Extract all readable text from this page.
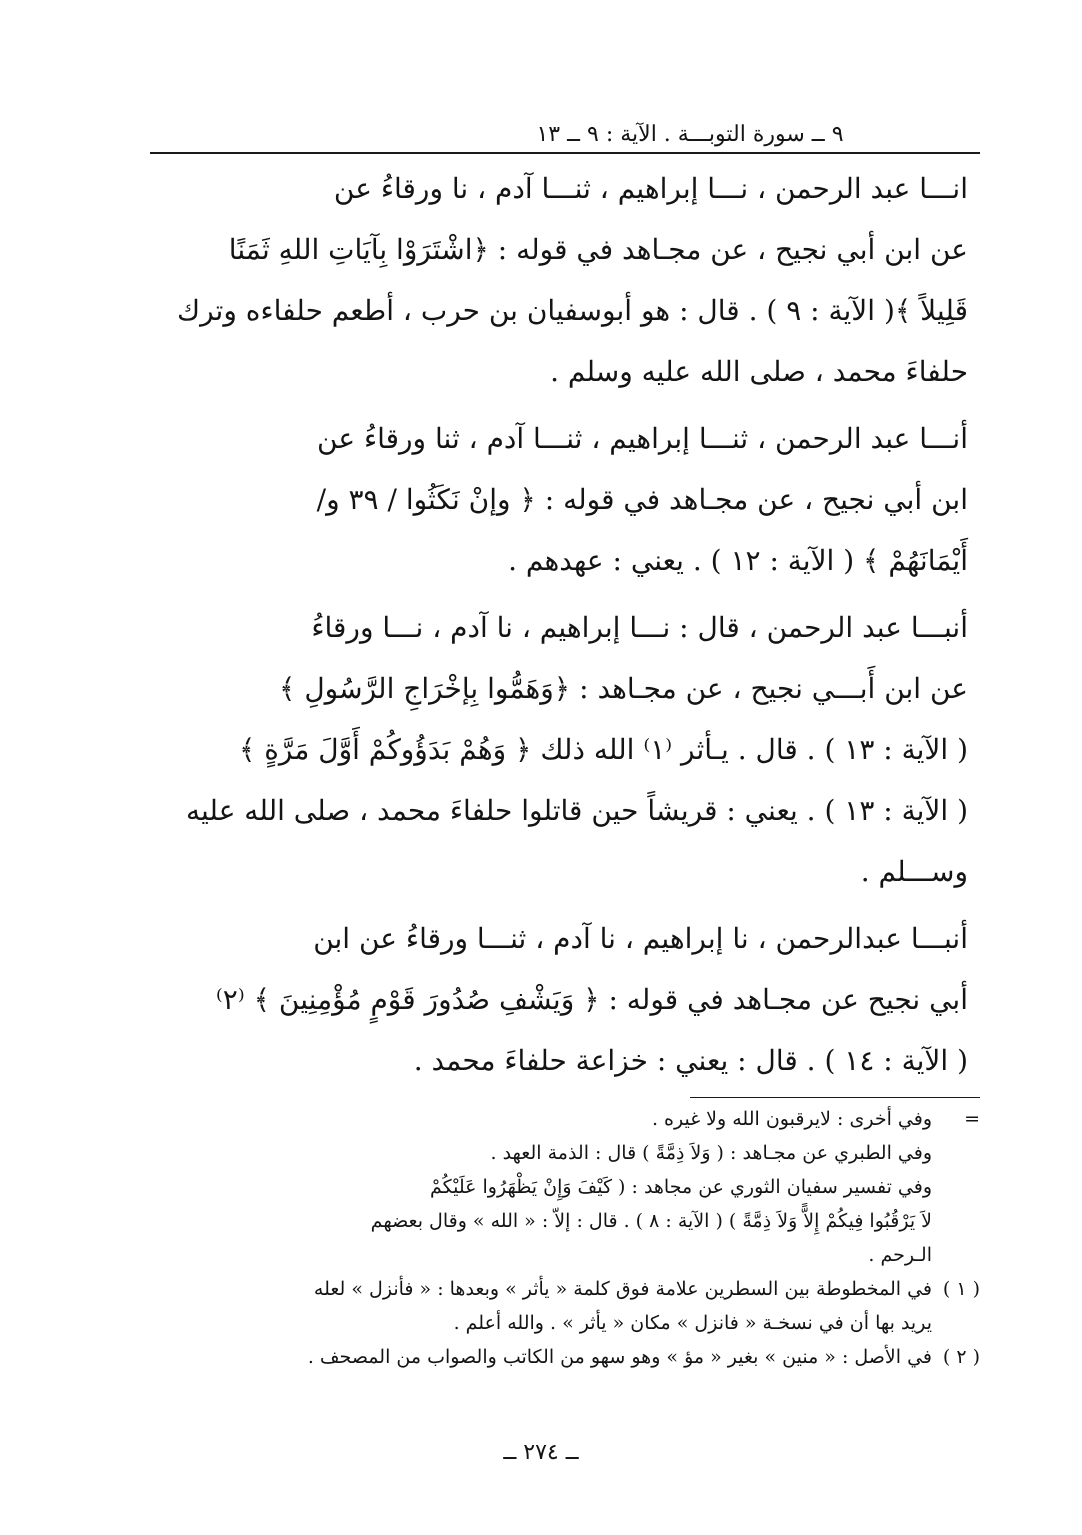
٩ ــ سورة التوبـــة . الآية : ٩ ــ ١٣

انـــا عبد الرحمن ، نـــا إبراهيم ، ثنـــا آدم ، نا ورقاءُ عن
عن ابن أبي نجيح ، عن مجـاهد في قوله : ﴿اشْتَرَوْا بِآيَاتِ اللهِ ثَمَنًا
قَلِيلاً ﴾( الآية : ٩ ) . قال : هو أبوسفيان بن حرب ، أطعم حلفاءه وترك
حلفاءَ محمد ، صلى الله عليه وسلم .

أنـــا عبد الرحمن ، ثنـــا إبراهيم ، ثنـــا آدم ، ثنا ورقاءُ عن
ابن أبي نجيح ، عن مجـاهد في قوله : ﴿ وإنْ نَكَثُوا / ٣٩ و/
أَيْمَانَهُمْ ﴾ ( الآية : ١٢ ) . يعني : عهدهم .

أنبـــا عبد الرحمن ، قال : نـــا إبراهيم ، نا آدم ، نـــا ورقاءُ
عن ابن أَبـــي نجيح ، عن مجـاهد : ﴿وَهَمُّوا بِإخْرَاجِ الرَّسُولِ ﴾
( الآية : ١٣ ) . قال . يـأثر ⁽١⁾ الله ذلك ﴿ وَهُمْ بَدَؤُوكُمْ أَوَّلَ مَرَّةٍ ﴾
( الآية : ١٣ ) . يعني : قريشاً حين قاتلوا حلفاءَ محمد ، صلى الله عليه
وســـلم .

أنبـــا عبدالرحمن ، نا إبراهيم ، نا آدم ، ثنـــا ورقاءُ عن ابن
أبي نجيح عن مجـاهد في قوله : ﴿ وَيَشْفِ صُدُورَ قَوْمٍ مُؤْمِنِينَ ﴾ ⁽٢⁾
( الآية : ١٤ ) . قال : يعني : خزاعة حلفاءَ محمد .

=
وفي أخرى : لايرقبون الله ولا غيره .
وفي الطبري عن مجـاهد : ( وَلاَ ذِمَّةً ) قال : الذمة العهد .
وفي تفسير سفيان الثوري عن مجاهد : ( كَيْفَ وَإِنْ يَظْهَرُوا عَلَيْكُمْ
لاَ يَرْقُبُوا فِيكُمْ إِلاًّ وَلاَ ذِمَّةً ) ( الآية : ٨ ) . قال : إلاّ : « الله » وقال بعضهم
الـرحم .
( ١ )
في المخطوطة بين السطرين علامة فوق كلمة « يأثر » وبعدها : « فأنزل » لعله
يريد بها أن في نسخـة « فانزل » مكان « يأثر » . والله أعلم .
( ٢ )
في الأصل : « منين » بغير « مؤ » وهو سهو من الكاتب والصواب من المصحف .
ــ ٢٧٤ ــ
